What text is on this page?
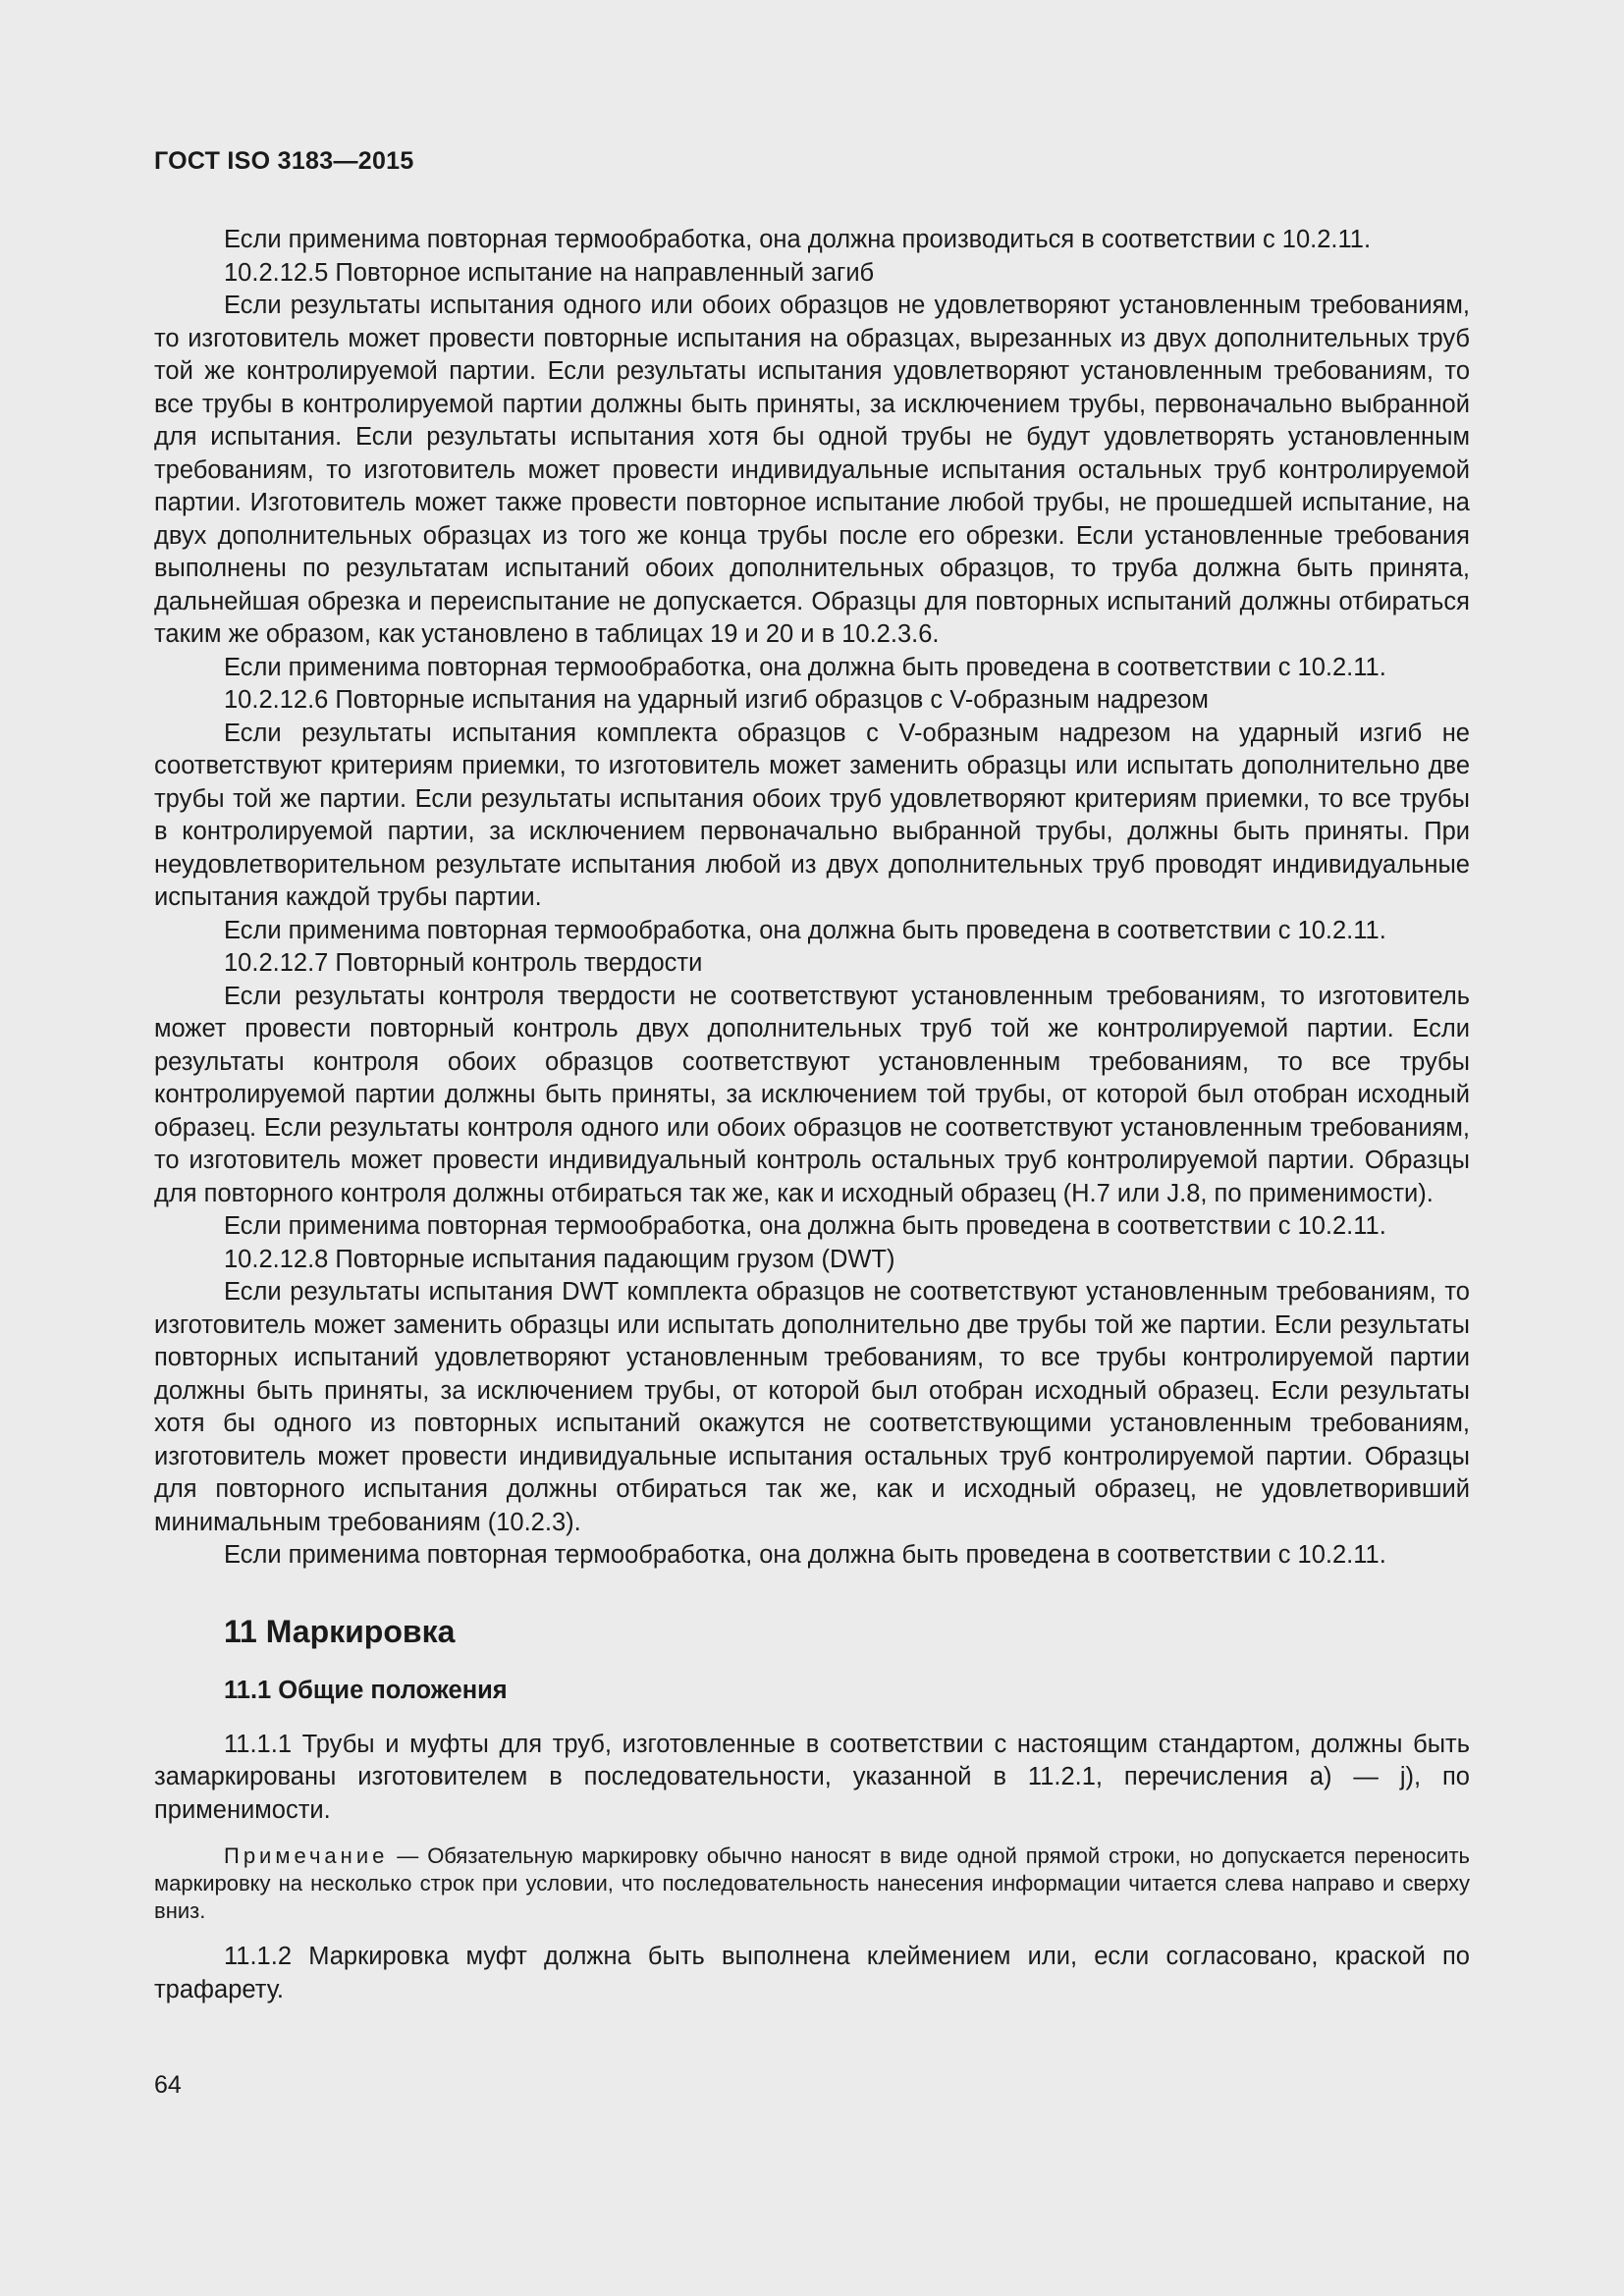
ГОСТ ISO 3183—2015

Если применима повторная термообработка, она должна производиться в соответствии с 10.2.11.

10.2.12.5 Повторное испытание на направленный загиб

Если результаты испытания одного или обоих образцов не удовлетворяют установленным требованиям, то изготовитель может провести повторные испытания на образцах, вырезанных из двух дополнительных труб той же контролируемой партии. Если результаты испытания удовлетворяют установленным требованиям, то все трубы в контролируемой партии должны быть приняты, за исключением трубы, первоначально выбранной для испытания. Если результаты испытания хотя бы одной трубы не будут удовлетворять установленным требованиям, то изготовитель может провести индивидуальные испытания остальных труб контролируемой партии. Изготовитель может также провести повторное испытание любой трубы, не прошедшей испытание, на двух дополнительных образцах из того же конца трубы после его обрезки. Если установленные требования выполнены по результатам испытаний обоих дополнительных образцов, то труба должна быть принята, дальнейшая обрезка и переиспытание не допускается. Образцы для повторных испытаний должны отбираться таким же образом, как установлено в таблицах 19 и 20 и в 10.2.3.6.

Если применима повторная термообработка, она должна быть проведена в соответствии с 10.2.11.

10.2.12.6 Повторные испытания на ударный изгиб образцов с V-образным надрезом

Если результаты испытания комплекта образцов с V-образным надрезом на ударный изгиб не соответствуют критериям приемки, то изготовитель может заменить образцы или испытать дополнительно две трубы той же партии. Если результаты испытания обоих труб удовлетворяют критериям приемки, то все трубы в контролируемой партии, за исключением первоначально выбранной трубы, должны быть приняты. При неудовлетворительном результате испытания любой из двух дополнительных труб проводят индивидуальные испытания каждой трубы партии.

Если применима повторная термообработка, она должна быть проведена в соответствии с 10.2.11.

10.2.12.7 Повторный контроль твердости

Если результаты контроля твердости не соответствуют установленным требованиям, то изготовитель может провести повторный контроль двух дополнительных труб той же контролируемой партии. Если результаты контроля обоих образцов соответствуют установленным требованиям, то все трубы контролируемой партии должны быть приняты, за исключением той трубы, от которой был отобран исходный образец. Если результаты контроля одного или обоих образцов не соответствуют установленным требованиям, то изготовитель может провести индивидуальный контроль остальных труб контролируемой партии. Образцы для повторного контроля должны отбираться так же, как и исходный образец (H.7 или J.8, по применимости).

Если применима повторная термообработка, она должна быть проведена в соответствии с 10.2.11.

10.2.12.8 Повторные испытания падающим грузом (DWT)

Если результаты испытания DWT комплекта образцов не соответствуют установленным требованиям, то изготовитель может заменить образцы или испытать дополнительно две трубы той же партии. Если результаты повторных испытаний удовлетворяют установленным требованиям, то все трубы контролируемой партии должны быть приняты, за исключением трубы, от которой был отобран исходный образец. Если результаты хотя бы одного из повторных испытаний окажутся не соответствующими установленным требованиям, изготовитель может провести индивидуальные испытания остальных труб контролируемой партии. Образцы для повторного испытания должны отбираться так же, как и исходный образец, не удовлетворивший минимальным требованиям (10.2.3).

Если применима повторная термообработка, она должна быть проведена в соответствии с 10.2.11.

11 Маркировка
11.1 Общие положения

11.1.1 Трубы и муфты для труб, изготовленные в соответствии с настоящим стандартом, должны быть замаркированы изготовителем в последовательности, указанной в 11.2.1, перечисления а) — j), по применимости.

Примечание — Обязательную маркировку обычно наносят в виде одной прямой строки, но допускается переносить маркировку на несколько строк при условии, что последовательность нанесения информации читается слева направо и сверху вниз.

11.1.2 Маркировка муфт должна быть выполнена клеймением или, если согласовано, краской по трафарету.

64
